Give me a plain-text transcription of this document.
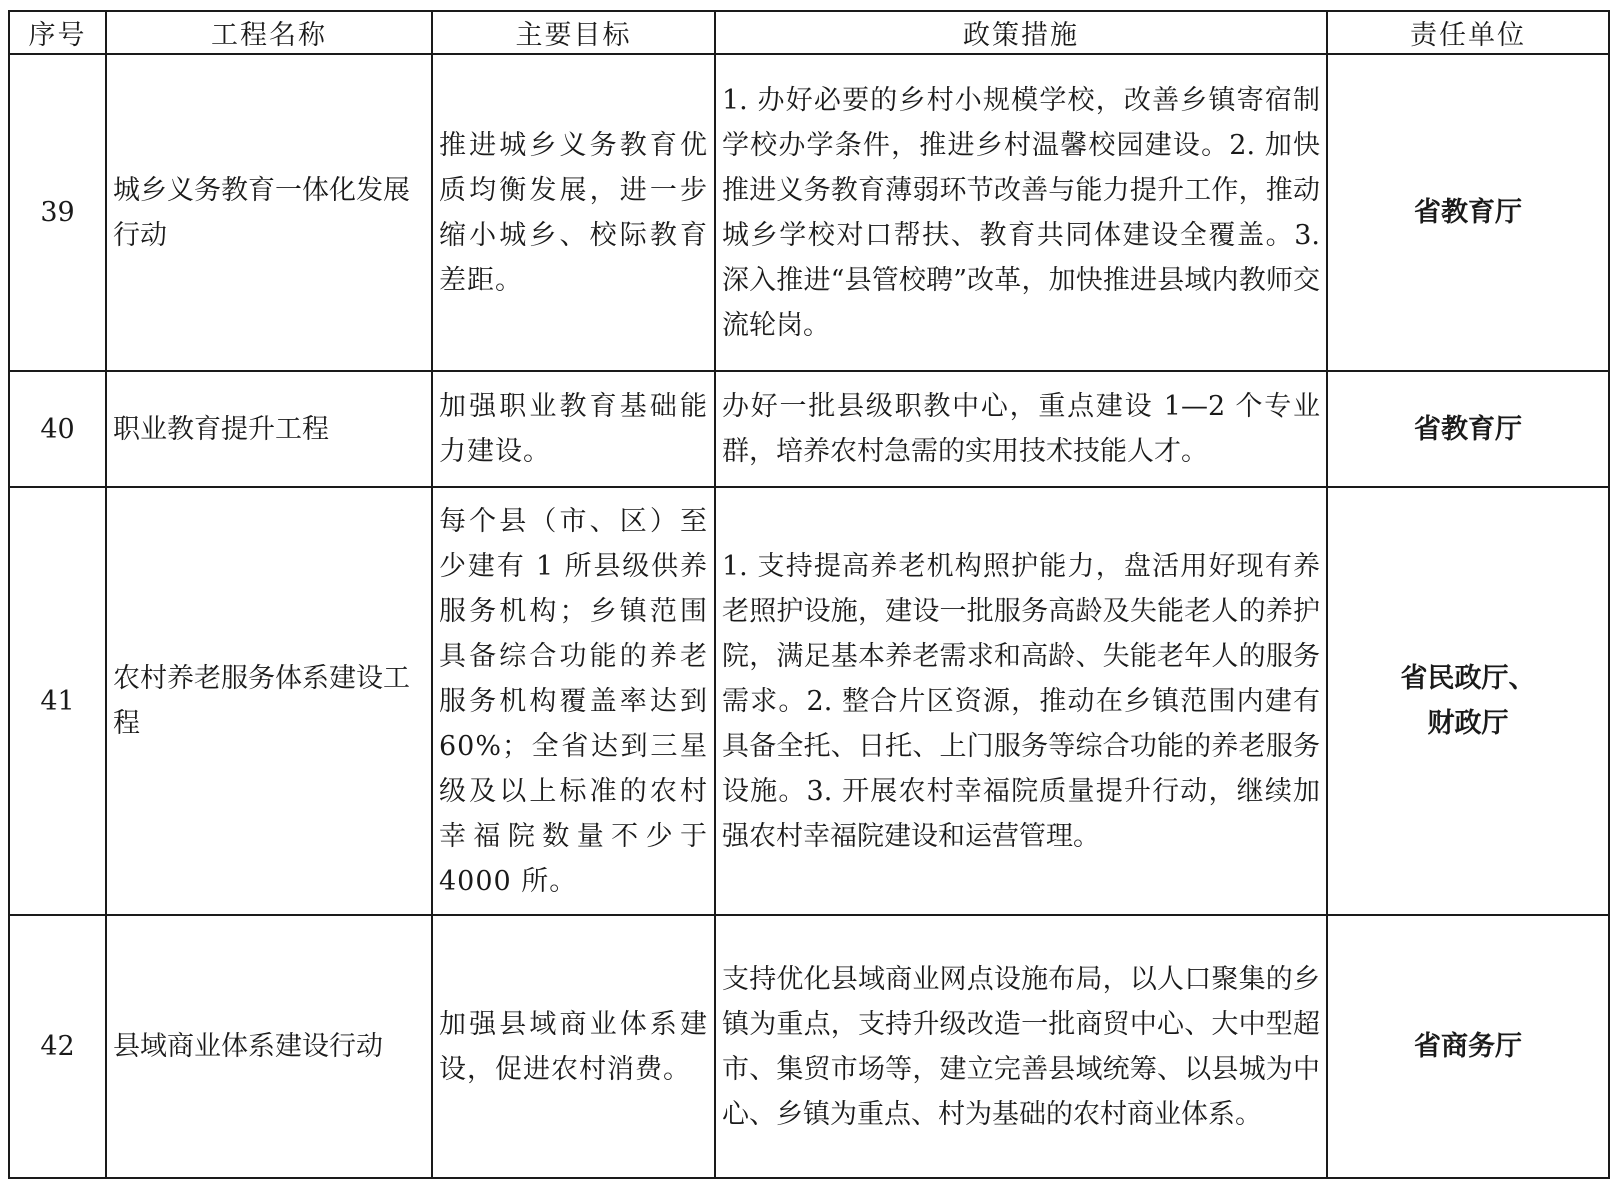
序号	工程名称	主要目标	政策措施	责任单位
39	城乡义务教育一体化发展行动	推进城乡义务教育优质均衡发展，进一步缩小城乡、校际教育差距。	1. 办好必要的乡村小规模学校，改善乡镇寄宿制学校办学条件，推进乡村温馨校园建设。2. 加快推进义务教育薄弱环节改善与能力提升工作，推动城乡学校对口帮扶、教育共同体建设全覆盖。3. 深入推进“县管校聘”改革，加快推进县域内教师交流轮岗。	省教育厅

40	职业教育提升工程	加强职业教育基础能力建设。	办好一批县级职教中心，重点建设 1—2 个专业群，培养农村急需的实用技术技能人才。	省教育厅

41	农村养老服务体系建设工程	每个县（市、区）至少建有 1 所县级供养服务机构；乡镇范围具备综合功能的养老服务机构覆盖率达到 60%；全省达到三星级及以上标准的农村幸福院数量不少于 4000 所。	1. 支持提高养老机构照护能力，盘活用好现有养老照护设施，建设一批服务高龄及失能老人的养护院，满足基本养老需求和高龄、失能老年人的服务需求。2. 整合片区资源，推动在乡镇范围内建有具备全托、日托、上门服务等综合功能的养老服务设施。3. 开展农村幸福院质量提升行动，继续加强农村幸福院建设和运营管理。	省民政厅、
财政厅

42	县域商业体系建设行动	加强县域商业体系建设，促进农村消费。	支持优化县域商业网点设施布局，以人口聚集的乡镇为重点，支持升级改造一批商贸中心、大中型超市、集贸市场等，建立完善县域统筹、以县城为中心、乡镇为重点、村为基础的农村商业体系。	省商务厅
